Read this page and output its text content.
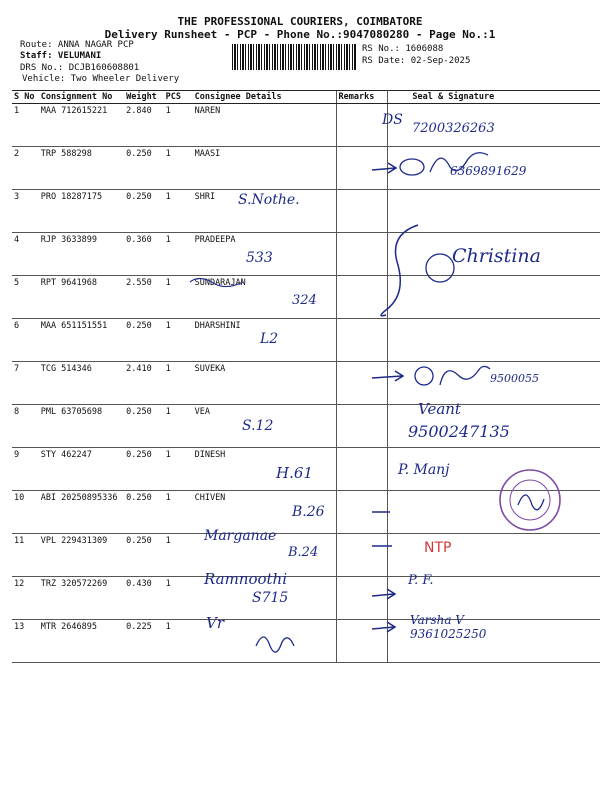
THE PROFESSIONAL COURIERS, COIMBATORE
Delivery Runsheet - PCP - Phone No.:9047080280 - Page No.:1
Route: ANNA NAGAR PCP
Staff: VELUMANI
DRS No.: DCJB160608801
Vehicle: Two Wheeler Delivery
RS No.: 1606088
RS Date: 02-Sep-2025
S No	Consignment No	Weight	PCS	Consignee Details	Remarks	Seal & Signature
1	MAA 712615221	2.840	1	NAREN		
2	TRP 588298	0.250	1	MAASI		
3	PRO 18287175	0.250	1	SHRI		
4	RJP 3633899	0.360	1	PRADEEPA		
5	RPT 9641968	2.550	1	SUNDARAJAN		
6	MAA 651151551	0.250	1	DHARSHINI		
7	TCG 514346	2.410	1	SUVEKA		
8	PML 63705698	0.250	1	VEA		
9	STY 462247	0.250	1	DINESH		
10	ABI 20250895336	0.250	1	CHIVEN		
11	VPL 229431309	0.250	1			
12	TRZ 320572269	0.430	1			
13	MTR 2646895	0.225	1			
DS
7200326263
6369891629
S.Nothe.
533	Christina
324
L2
9500055
Veant
S.12	9500247135
H.61	P. Manj
B.26
Marganae
B.24	NTP
Ramnoothi
S715
P. F.
Vr	Varsha V
9361025250
